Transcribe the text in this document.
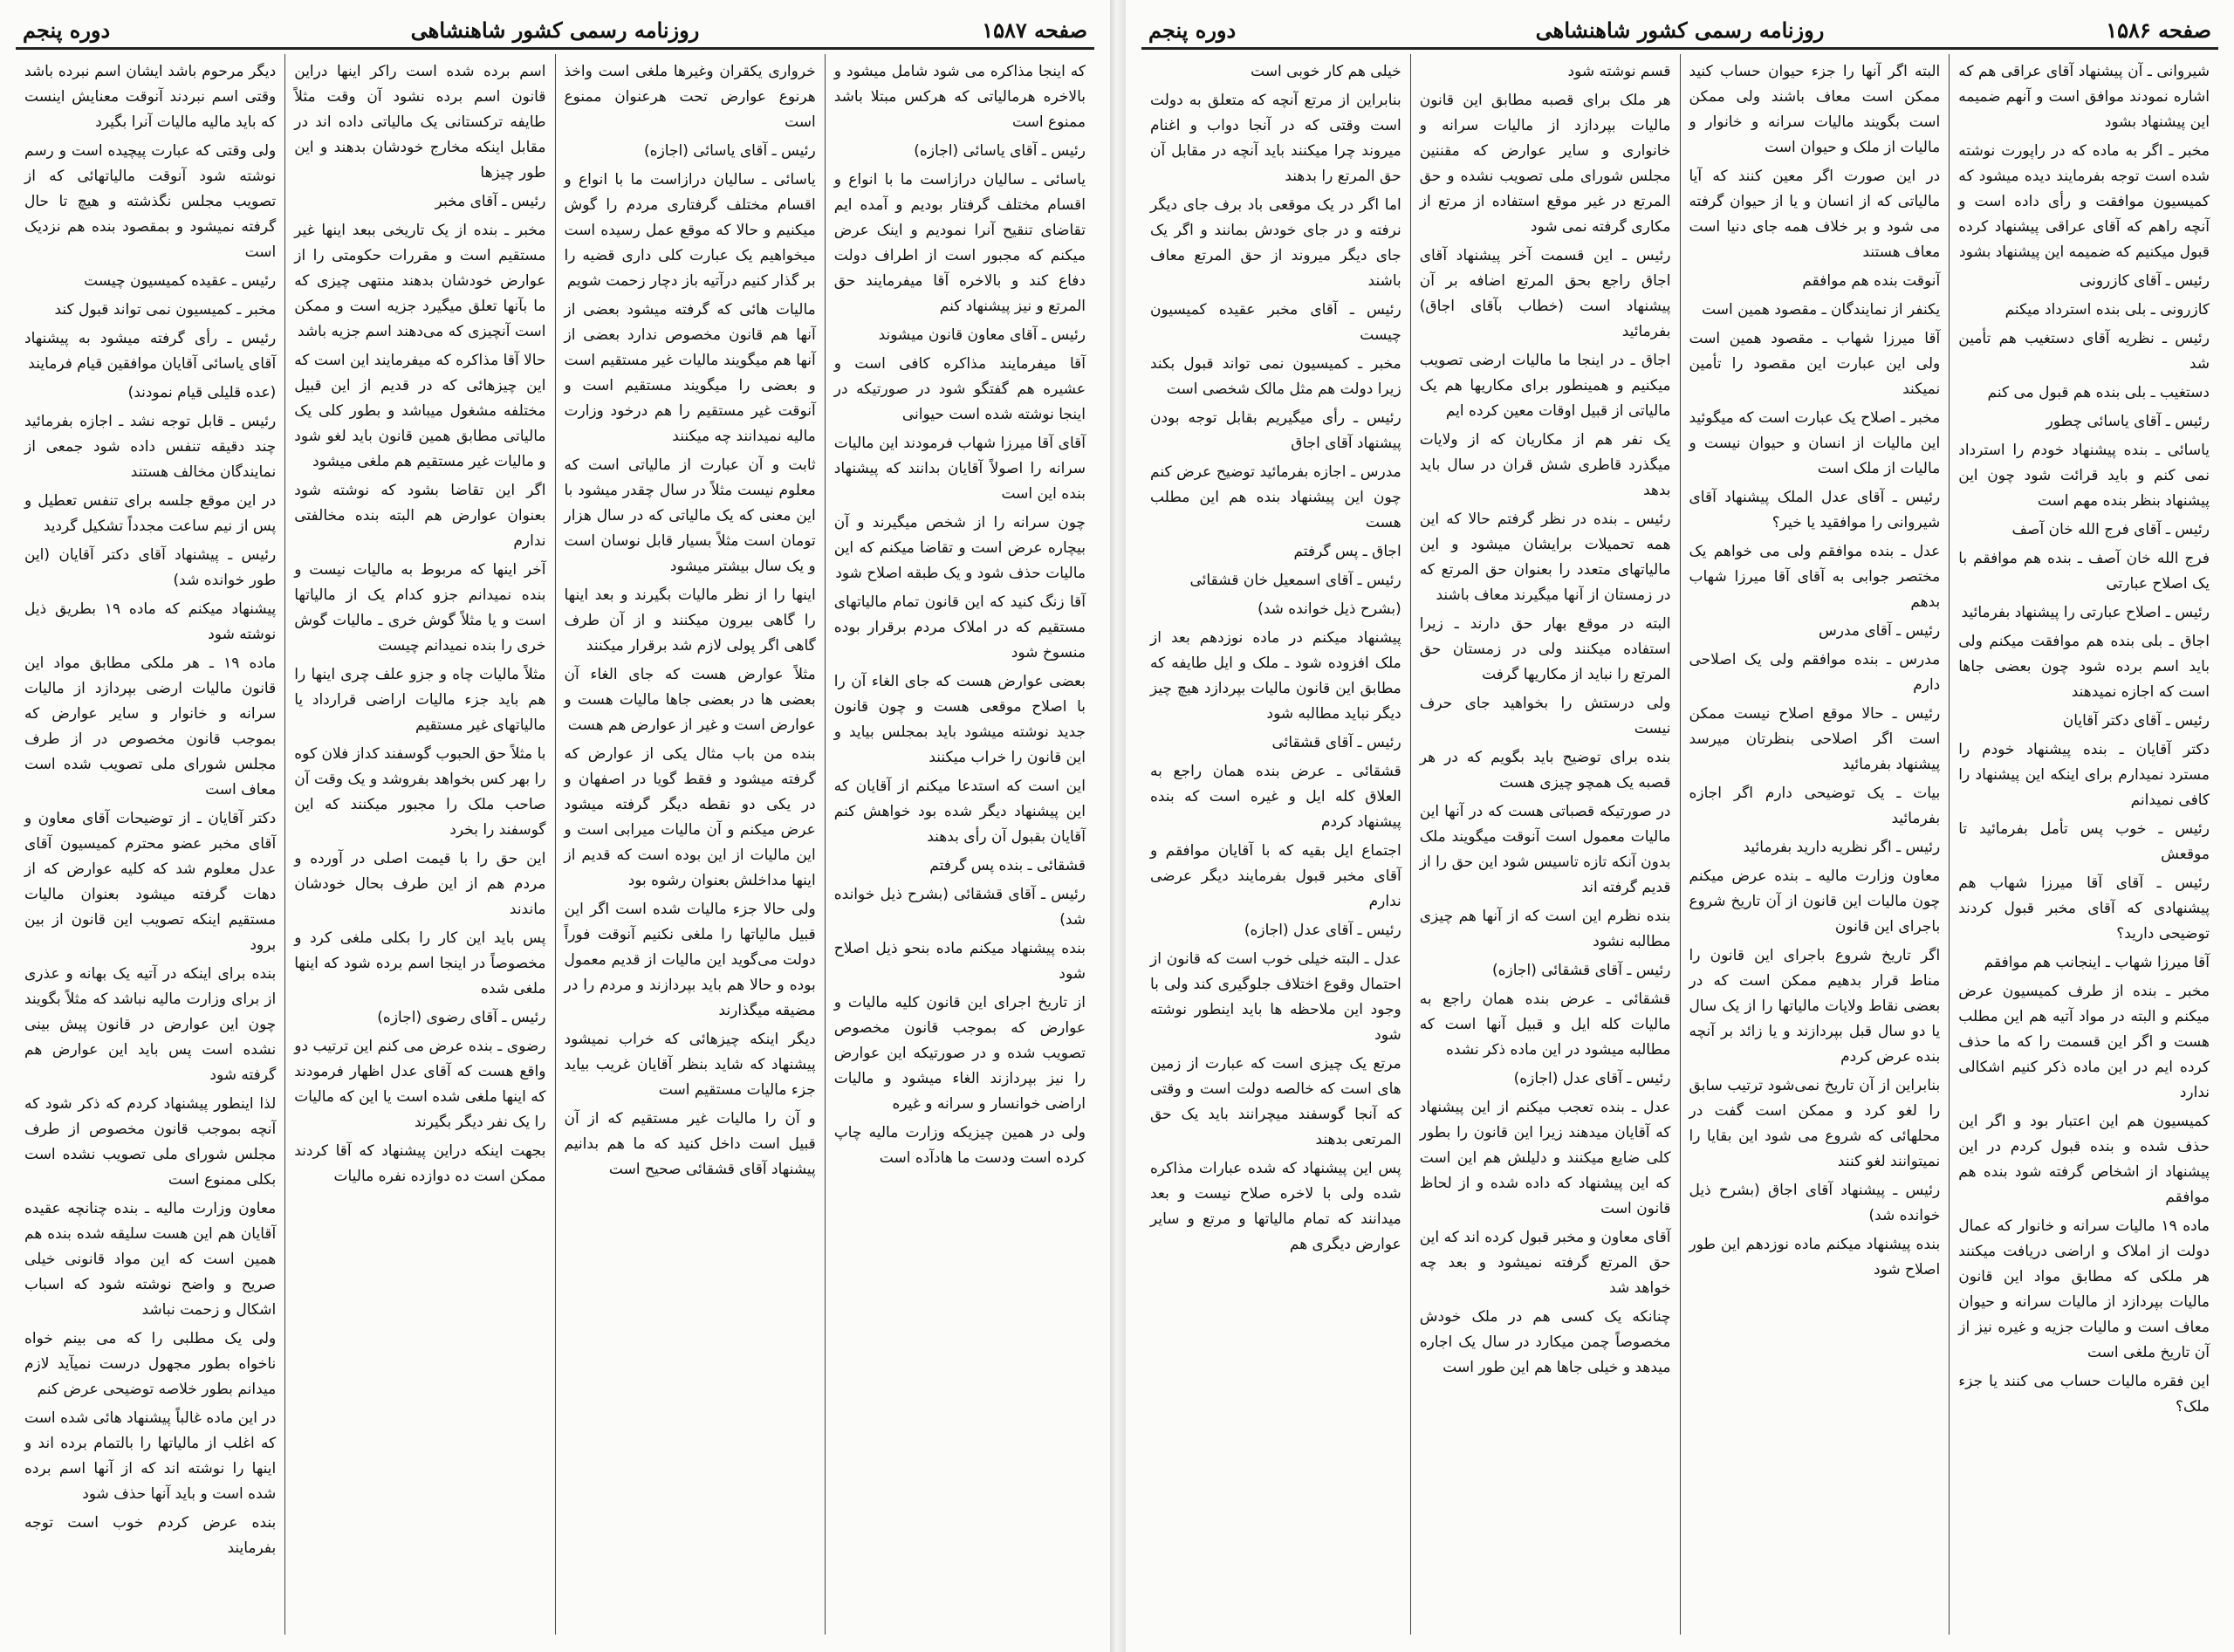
صفحه ۱۵۸۶
روزنامه رسمی کشور شاهنشاهی
دوره پنجم

شیروانی ـ آن پیشنهاد آقای عراقی هم که اشاره نمودند موافق است و آنهم ضمیمه این پیشنهاد بشود

مخبر ـ اگر به ماده که در راپورت نوشته شده است توجه بفرمایند دیده میشود که کمیسیون موافقت و رأی داده است و آنچه راهم که آقای عراقی پیشنهاد کرده قبول میکنیم که ضمیمه این پیشنهاد بشود

رئیس ـ آقای کازرونی

کازرونی ـ بلی بنده استرداد میکنم

رئیس ـ نظریه آقای دستغیب هم تأمین شد

دستغیب ـ بلی بنده هم قبول می کنم

رئیس ـ آقای یاسائی چطور

یاسائی ـ بنده پیشنهاد خودم را استرداد نمی کنم و باید قرائت شود چون این پیشنهاد بنظر بنده مهم است

رئیس ـ آقای فرج الله خان آصف

فرج الله خان آصف ـ بنده هم موافقم با یک اصلاح عبارتی

رئیس ـ اصلاح عبارتی را پیشنهاد بفرمائید

اجاق ـ بلی بنده هم موافقت میکنم ولی باید اسم برده شود چون بعضی جاها است که اجازه نمیدهند

رئیس ـ آقای دکتر آقایان

دکتر آقایان ـ بنده پیشنهاد خودم را مسترد نمیدارم برای اینکه این پیشنهاد را کافی نمیدانم

رئیس ـ خوب پس تأمل بفرمائید تا موقعش

رئیس ـ آقای آقا میرزا شهاب هم پیشنهادی که آقای مخبر قبول کردند توضیحی دارید؟

آقا میرزا شهاب ـ اینجانب هم موافقم

مخبر ـ بنده از طرف کمیسیون عرض میکنم و البته در مواد آتیه هم این مطلب هست و اگر این قسمت را که ما حذف کرده ایم در این ماده ذکر کنیم اشکالی ندارد

کمیسیون هم این اعتبار بود و اگر این حذف شده و بنده قبول کردم در این پیشنهاد از اشخاص گرفته شود بنده هم موافقم

ماده ۱۹ مالیات سرانه و خانوار که عمال دولت از املاک و اراضی دریافت میکنند هر ملکی که مطابق مواد این قانون مالیات بپردازد از مالیات سرانه و حیوان معاف است و مالیات جزیه و غیره نیز از آن تاریخ ملغی است

این فقره مالیات حساب می کنند یا جزء ملک؟

البته اگر آنها را جزء حیوان حساب کنید ممکن است معاف باشند ولی ممکن است بگویند مالیات سرانه و خانوار و مالیات از ملک و حیوان است

در این صورت اگر معین کنند که آیا مالیاتی که از انسان و یا از حیوان گرفته می شود و بر خلاف همه جای دنیا است معاف هستند

آنوقت بنده هم موافقم

یکنفر از نمایندگان ـ مقصود همین است

آقا میرزا شهاب ـ مقصود همین است ولی این عبارت این مقصود را تأمین نمیکند

مخبر ـ اصلاح یک عبارت است که میگوئید این مالیات از انسان و حیوان نیست و مالیات از ملک است

رئیس ـ آقای عدل الملک پیشنهاد آقای شیروانی را موافقید یا خیر؟

عدل ـ بنده موافقم ولی می خواهم یک مختصر جوابی به آقای آقا میرزا شهاب بدهم

رئیس ـ آقای مدرس

مدرس ـ بنده موافقم ولی یک اصلاحی دارم

رئیس ـ حالا موقع اصلاح نیست ممکن است اگر اصلاحی بنظرتان میرسد پیشنهاد بفرمائید

بیات ـ یک توضیحی دارم اگر اجازه بفرمائید

رئیس ـ اگر نظریه دارید بفرمائید

معاون وزارت مالیه ـ بنده عرض میکنم چون مالیات این قانون از آن تاریخ شروع باجرای این قانون

اگر تاریخ شروع باجرای این قانون را مناط قرار بدهیم ممکن است که در بعضی نقاط ولایات مالیاتها را از یک سال یا دو سال قبل بپردازند و یا زائد بر آنچه بنده عرض کردم

بنابراین از آن تاریخ نمی‌شود ترتیب سابق را لغو کرد و ممکن است گفت در محلهائی که شروع می شود این بقایا را نمیتوانند لغو کنند

رئیس ـ پیشنهاد آقای اجاق (بشرح ذیل خوانده شد)

بنده پیشنهاد میکنم ماده نوزدهم این طور اصلاح شود

قسم نوشته شود

هر ملک برای قصبه مطابق این قانون مالیات بپردازد از مالیات سرانه و خانواری و سایر عوارض که مقننین مجلس شورای ملی تصویب نشده و حق المرتع در غیر موقع استفاده از مرتع از مکاری گرفته نمی شود

رئیس ـ این قسمت آخر پیشنهاد آقای اجاق راجع بحق المرتع اضافه بر آن پیشنهاد است (خطاب بآقای اجاق) بفرمائید

اجاق ـ در اینجا ما مالیات ارضی تصویب میکنیم و همینطور برای مکاریها هم یک مالیاتی از قبیل اوقات معین کرده ایم

یک نفر هم از مکاریان که از ولایات میگذرد قاطری شش قران در سال باید بدهد

رئیس ـ بنده در نظر گرفتم حالا که این همه تحمیلات برایشان میشود و این مالیاتهای متعدد را بعنوان حق المرتع که در زمستان از آنها میگیرند معاف باشند

البته در موقع بهار حق دارند ـ زیرا استفاده میکنند ولی در زمستان حق المرتع را نباید از مکاریها گرفت

ولی درستش را بخواهید جای حرف نیست

بنده برای توضیح باید بگویم که در هر قصبه یک همچو چیزی هست

در صورتیکه قصباتی هست که در آنها این مالیات معمول است آنوقت میگویند ملک بدون آنکه تازه تاسیس شود این حق را از قدیم گرفته اند

بنده نظرم این است که از آنها هم چیزی مطالبه نشود

رئیس ـ آقای قشقائی (اجازه)

قشقائی ـ عرض بنده همان راجع به مالیات کله ایل و قبیل آنها است که مطالبه میشود در این ماده ذکر نشده

رئیس ـ آقای عدل (اجازه)

عدل ـ بنده تعجب میکنم از این پیشنهاد که آقایان میدهند زیرا این قانون را بطور کلی ضایع میکنند و دلیلش هم این است که این پیشنهاد که داده شده و از لحاظ قانون است

آقای معاون و مخبر قبول کرده اند که این حق المرتع گرفته نمیشود و بعد چه خواهد شد

چنانکه یک کسی هم در ملک خودش مخصوصاً چمن میکارد در سال یک اجاره میدهد و خیلی جاها هم این طور است

خیلی هم کار خوبی است

بنابراین از مرتع آنچه که متعلق به دولت است وقتی که در آنجا دواب و اغنام میروند چرا میکنند باید آنچه در مقابل آن حق المرتع را بدهند

اما اگر در یک موقعی باد برف جای دیگر نرفته و در جای خودش بمانند و اگر یک جای دیگر میروند از حق المرتع معاف باشند

رئیس ـ آقای مخبر عقیده کمیسیون چیست

مخبر ـ کمیسیون نمی تواند قبول بکند زیرا دولت هم مثل مالک شخصی است

رئیس ـ رأی میگیریم بقابل توجه بودن پیشنهاد آقای اجاق

مدرس ـ اجازه بفرمائید توضیح عرض کنم چون این پیشنهاد بنده هم این مطلب هست

اجاق ـ پس گرفتم

رئیس ـ آقای اسمعیل خان قشقائی

(بشرح ذیل خوانده شد)

پیشنهاد میکنم در ماده نوزدهم بعد از ملک افزوده شود ـ ملک و ایل طایفه که مطابق این قانون مالیات بپردازد هیچ چیز دیگر نباید مطالبه شود

رئیس ـ آقای قشقائی

قشقائی ـ عرض بنده همان راجع به العلاق کله ایل و غیره است که بنده پیشنهاد کردم

اجتماع ایل بقیه که با آقایان موافقم و آقای مخبر قبول بفرمایند دیگر عرضی ندارم

رئیس ـ آقای عدل (اجازه)

عدل ـ البته خیلی خوب است که قانون از احتمال وقوع اختلاف جلوگیری کند ولی با وجود این ملاحظه ها باید اینطور نوشته شود

مرتع یک چیزی است که عبارت از زمین های است که خالصه دولت است و وقتی که آنجا گوسفند میچرانند باید یک حق المرتعی بدهند

پس این پیشنهاد که شده عبارات مذاکره شده ولی با لاخره صلاح نیست و بعد میدانند که تمام مالیاتها و مرتع و سایر عوارض دیگری هم

صفحه ۱۵۸۷
روزنامه رسمی کشور شاهنشاهی
دوره پنجم

که اینجا مذاکره می شود شامل میشود و بالاخره هرمالیاتی که هرکس مبتلا باشد ممنوع است

رئیس ـ آقای یاسائی (اجازه)

یاسائی ـ سالیان درازاست ما با انواع و اقسام مختلف گرفتار بودیم و آمده ایم تقاضای تنقیح آنرا نمودیم و اینک عرض میکنم که مجبور است از اطراف دولت دفاع کند و بالاخره آقا میفرمایند حق المرتع و نیز پیشنهاد کنم

رئیس ـ آقای معاون قانون میشوند

آقا میفرمایند مذاکره کافی است و عشیره هم گفتگو شود در صورتیکه در اینجا نوشته شده است حیوانی

آقای آقا میرزا شهاب فرمودند این مالیات سرانه را اصولاً آقایان بدانند که پیشنهاد بنده این است

چون سرانه را از شخص میگیرند و آن بیچاره عرض است و تقاضا میکنم که این مالیات حذف شود و یک طبقه اصلاح شود

آقا زنگ کنید که این قانون تمام مالیاتهای مستقیم که در املاک مردم برقرار بوده منسوخ شود

بعضی عوارض هست که جای الغاء آن را با اصلاح موقعی هست و چون قانون جدید نوشته میشود باید بمجلس بیاید و این قانون را خراب میکنند

این است که استدعا میکنم از آقایان که این پیشنهاد دیگر شده بود خواهش کنم آقایان بقبول آن رأی بدهند

قشقائی ـ بنده پس گرفتم

رئیس ـ آقای قشقائی (بشرح ذیل خوانده شد)

بنده پیشنهاد میکنم ماده بنحو ذیل اصلاح شود

از تاریخ اجرای این قانون کلیه مالیات و عوارض که بموجب قانون مخصوص تصویب شده و در صورتیکه این عوارض را نیز بپردازند الغاء میشود و مالیات اراضی خوانسار و سرانه و غیره

ولی در همین چیزیکه وزارت مالیه چاپ کرده است ودست ما هادآده است

خرواری یکقران وغیرها ملغی است واخذ هرنوع عوارض تحت هرعنوان ممنوع است

رئیس ـ آقای یاسائی (اجازه)

یاسائی ـ سالیان درازاست ما با انواع و اقسام مختلف گرفتاری مردم را گوش میکنیم و حالا که موقع عمل رسیده است میخواهیم یک عبارت کلی داری قضیه را بر گذار کنیم درآتیه باز دچار زحمت شویم

مالیات هائی که گرفته میشود بعضی از آنها هم قانون مخصوص ندارد بعضی از آنها هم میگویند مالیات غیر مستقیم است و بعضی را میگویند مستقیم است و آنوقت غیر مستقیم را هم درخود وزارت مالیه نمیدانند چه میکنند

ثابت و آن عبارت از مالیاتی است که معلوم نیست مثلاً در سال چقدر میشود با این معنی که یک مالیاتی که در سال هزار تومان است مثلاً بسیار قابل نوسان است و یک سال بیشتر میشود

اینها را از نظر مالیات بگیرند و بعد اینها را گاهی بیرون میکنند و از آن طرف گاهی اگر پولی لازم شد برقرار میکنند

مثلاً عوارض هست که جای الغاء آن بعضی ها در بعضی جاها مالیات هست و عوارض است و غیر از عوارض هم هست

بنده من باب مثال یکی از عوارض که گرفته میشود و فقط گویا در اصفهان و در یکی دو نقطه دیگر گرفته میشود عرض میکنم و آن مالیات میرابی است و این مالیات از این بوده است که قدیم از اینها مداخلش بعنوان رشوه بود

ولی حالا جزء مالیات شده است اگر این قبیل مالیاتها را ملغی نکنیم آنوقت فوراً دولت می‌گوید این مالیات از قدیم معمول بوده و حالا هم باید بپردازند و مردم را در مضیقه میگذارند

دیگر اینکه چیزهائی که خراب نمیشود پیشنهاد که شاید بنظر آقایان غریب بیاید جزء مالیات مستقیم است

و آن را مالیات غیر مستقیم که از آن قبیل است داخل کنید که ما هم بدانیم پیشنهاد آقای قشقائی صحیح است

اسم برده شده است راکر اینها دراین قانون اسم برده نشود آن وقت مثلاً طایفه ترکستانی یک مالیاتی داده اند در مقابل اینکه مخارج خودشان بدهند و این طور چیزها

رئیس ـ آقای مخبر

مخبر ـ بنده از یک تاریخی ببعد اینها غیر مستقیم است و مقررات حکومتی را از عوارض خودشان بدهند منتهی چیزی که ما بآنها تعلق میگیرد جزیه است و ممکن است آنچیزی که می‌دهند اسم جزیه باشد

حالا آقا مذاکره که میفرمایند این است که این چیزهائی که در قدیم از این قبیل مختلفه مشغول میباشد و بطور کلی یک مالیاتی مطابق همین قانون باید لغو شود و مالیات غیر مستقیم هم ملغی میشود

اگر این تقاضا بشود که نوشته شود بعنوان عوارض هم البته بنده مخالفتی ندارم

آخر اینها که مربوط به مالیات نیست و بنده نمیدانم جزو کدام یک از مالیاتها است و یا مثلاً گوش خری ـ مالیات گوش خری را بنده نمیدانم چیست

مثلاً مالیات چاه و جزو علف چری اینها را هم باید جزء مالیات اراضی قرارداد یا مالیاتهای غیر مستقیم

با مثلاً حق الحبوب گوسفند کداز فلان کوه را بهر کس بخواهد بفروشد و یک وقت آن صاحب ملک را مجبور میکنند که این گوسفند را بخرد

این حق را با قیمت اصلی در آورده و مردم هم از این طرف بحال خودشان ماندند

پس باید این کار را بکلی ملغی کرد و مخصوصاً در اینجا اسم برده شود که اینها ملغی شده

رئیس ـ آقای رضوی (اجازه)

رضوی ـ بنده عرض می کنم این ترتیب دو واقع هست که آقای عدل اظهار فرمودند که اینها ملغی شده است یا این که مالیات را یک نفر دیگر بگیرند

بجهت اینکه دراین پیشنهاد که آقا کردند ممکن است ده دوازده نفره مالیات

دیگر مرحوم باشد ایشان اسم نبرده باشد وقتی اسم نبردند آنوقت معنایش اینست که باید مالیه مالیات آنرا بگیرد

ولی وقتی که عبارت پیچیده است و رسم نوشته شود آنوقت مالیاتهائی که از تصویب مجلس نگذشته و هیچ تا حال گرفته نمیشود و بمقصود بنده هم نزدیک است

رئیس ـ عقیده کمیسیون چیست

مخبر ـ کمیسیون نمی تواند قبول کند

رئیس ـ رأی گرفته میشود به پیشنهاد آقای یاسائی آقایان موافقین قیام فرمایند

(عده قلیلی قیام نمودند)

رئیس ـ قابل توجه نشد ـ اجازه بفرمائید چند دقیقه تنفس داده شود جمعی از نمایندگان مخالف هستند

در این موقع جلسه برای تنفس تعطیل و پس از نیم ساعت مجدداً تشکیل گردید

رئیس ـ پیشنهاد آقای دکتر آقایان (این طور خوانده شد)

پیشنهاد میکنم که ماده ۱۹ بطریق ذیل نوشته شود

ماده ۱۹ ـ هر ملکی مطابق مواد این قانون مالیات ارضی بپردازد از مالیات سرانه و خانوار و سایر عوارض که بموجب قانون مخصوص در از طرف مجلس شورای ملی تصویب شده است معاف است

دکتر آقایان ـ از توضیحات آقای معاون و آقای مخبر عضو محترم کمیسیون آقای عدل معلوم شد که کلیه عوارض که از دهات گرفته میشود بعنوان مالیات مستقیم اینکه تصویب این قانون از بین برود

بنده برای اینکه در آتیه یک بهانه و عذری از برای وزارت مالیه نباشد که مثلاً بگویند چون این عوارض در قانون پیش بینی نشده است پس باید این عوارض هم گرفته شود

لذا اینطور پیشنهاد کردم که ذکر شود که آنچه بموجب قانون مخصوص از طرف مجلس شورای ملی تصویب نشده است بکلی ممنوع است

معاون وزارت مالیه ـ بنده چنانچه عقیده آقایان هم این هست سلیقه شده بنده هم همین است که این مواد قانونی خیلی صریح و واضح نوشته شود که اسباب اشکال و زحمت نباشد

ولی یک مطلبی را که می بینم خواه ناخواه بطور مجهول درست نمیآید لازم میدانم بطور خلاصه توضیحی عرض کنم

در این ماده غالباً پیشنهاد هائی شده است که اغلب از مالیاتها را بالتمام برده اند و اینها را نوشته اند که از آنها اسم برده شده است و باید آنها حذف شود

بنده عرض کردم خوب است توجه بفرمایند
